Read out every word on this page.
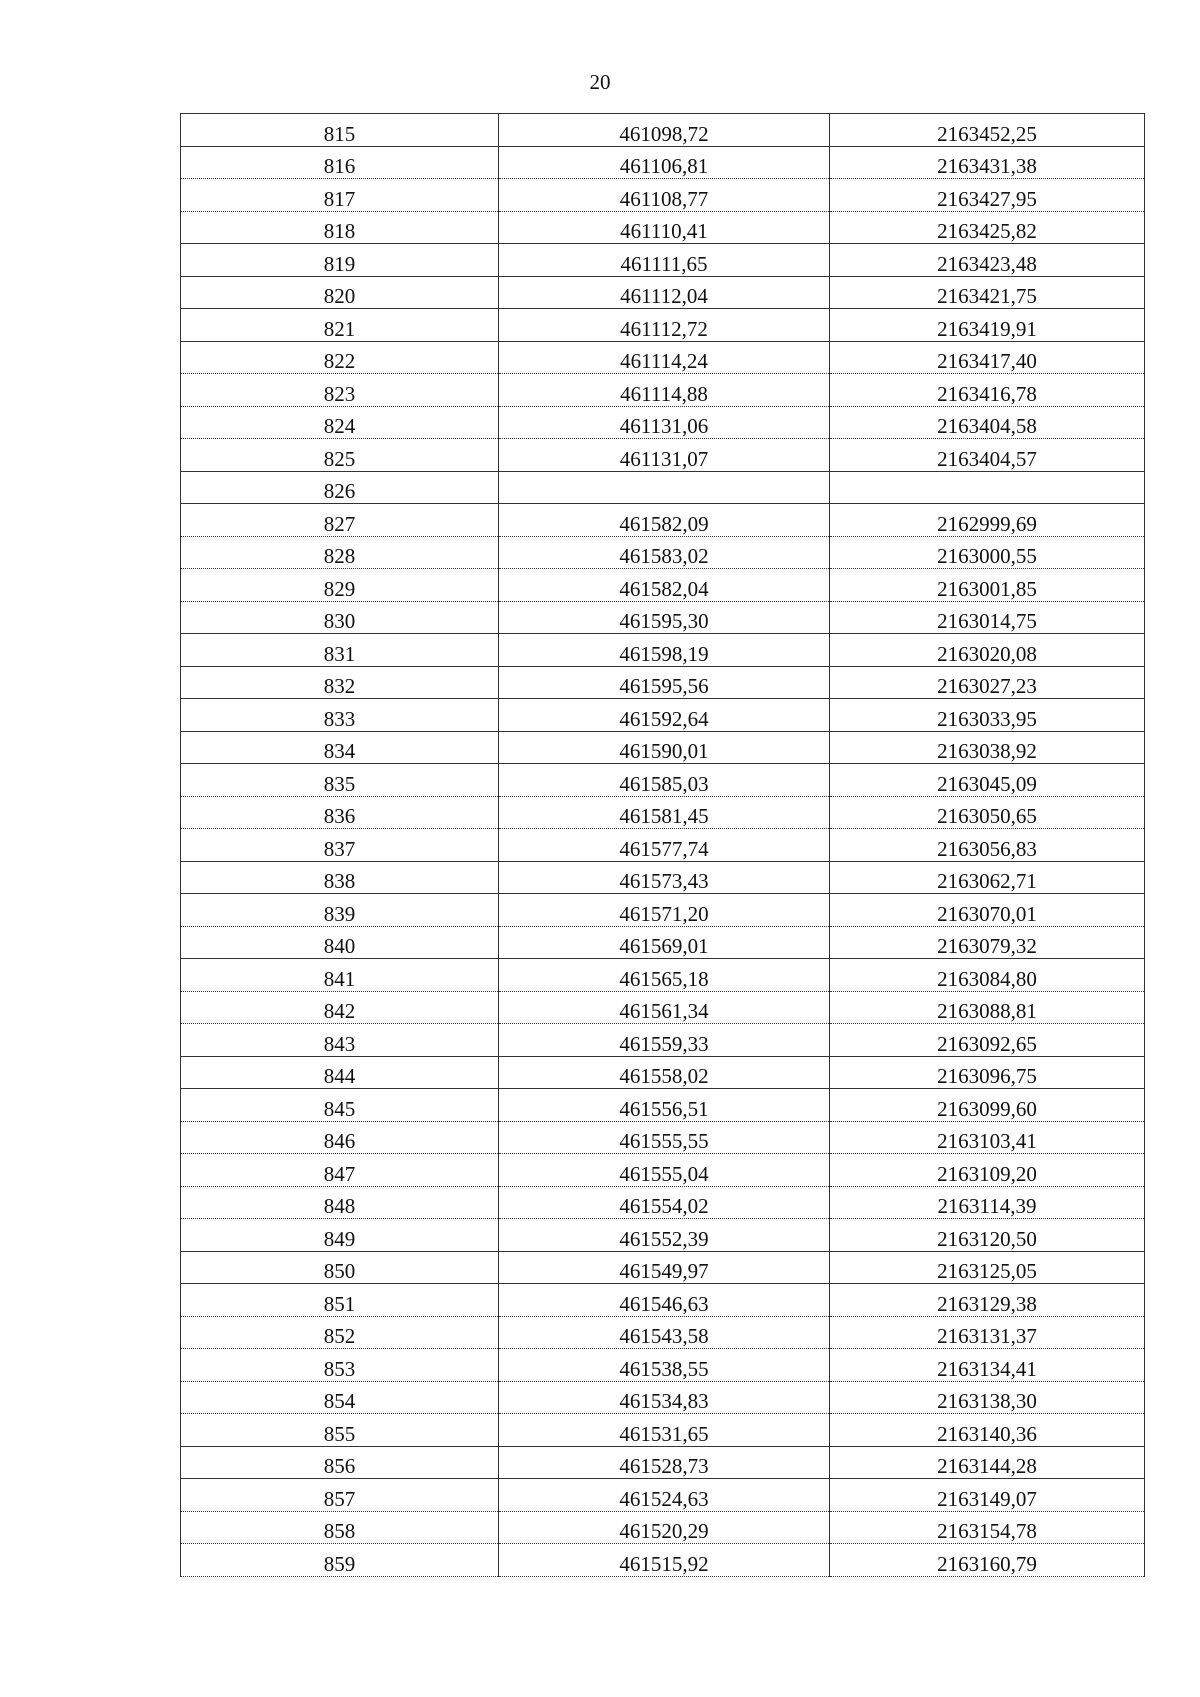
20
815	461098,72	2163452,25
816	461106,81	2163431,38
817	461108,77	2163427,95
818	461110,41	2163425,82
819	461111,65	2163423,48
820	461112,04	2163421,75
821	461112,72	2163419,91
822	461114,24	2163417,40
823	461114,88	2163416,78
824	461131,06	2163404,58
825	461131,07	2163404,57
826		
827	461582,09	2162999,69
828	461583,02	2163000,55
829	461582,04	2163001,85
830	461595,30	2163014,75
831	461598,19	2163020,08
832	461595,56	2163027,23
833	461592,64	2163033,95
834	461590,01	2163038,92
835	461585,03	2163045,09
836	461581,45	2163050,65
837	461577,74	2163056,83
838	461573,43	2163062,71
839	461571,20	2163070,01
840	461569,01	2163079,32
841	461565,18	2163084,80
842	461561,34	2163088,81
843	461559,33	2163092,65
844	461558,02	2163096,75
845	461556,51	2163099,60
846	461555,55	2163103,41
847	461555,04	2163109,20
848	461554,02	2163114,39
849	461552,39	2163120,50
850	461549,97	2163125,05
851	461546,63	2163129,38
852	461543,58	2163131,37
853	461538,55	2163134,41
854	461534,83	2163138,30
855	461531,65	2163140,36
856	461528,73	2163144,28
857	461524,63	2163149,07
858	461520,29	2163154,78
859	461515,92	2163160,79
